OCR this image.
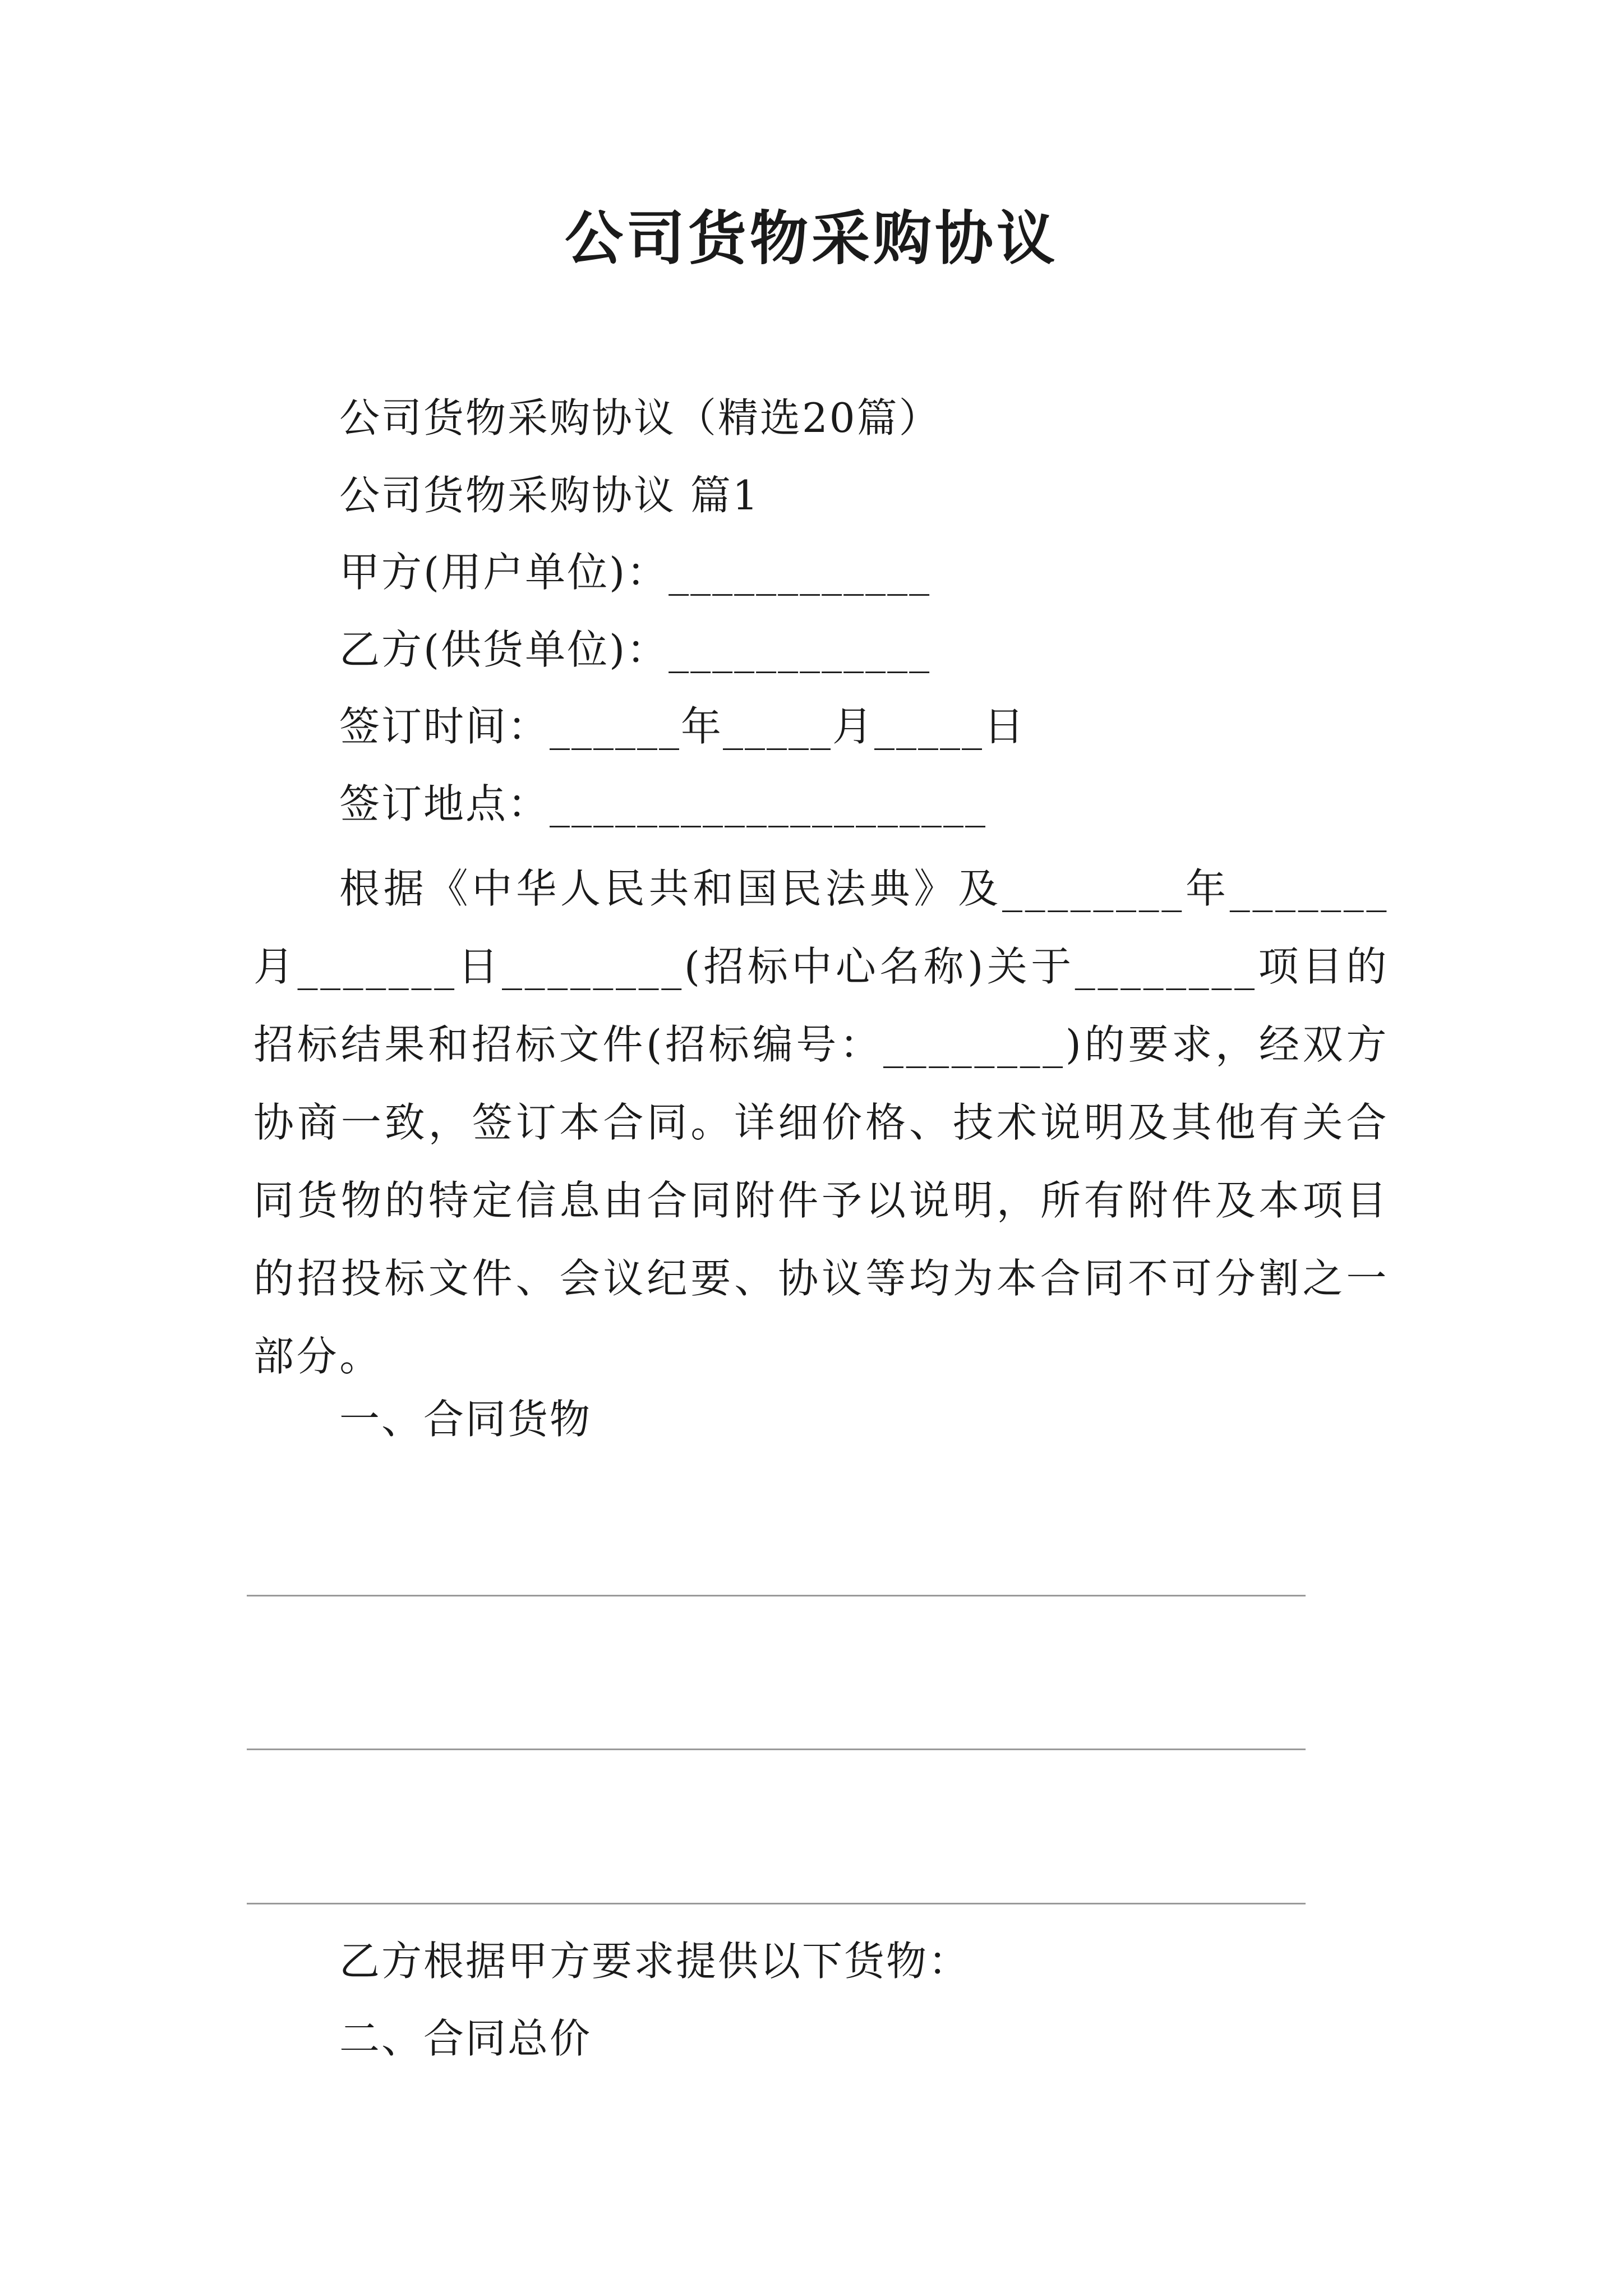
公司货物采购协议
公司货物采购协议（精选20篇）
公司货物采购协议 篇1
甲方(用户单位)：____________
乙方(供货单位)：____________
签订时间：______年_____月_____日
签订地点：____________________

根据《中华人民共和国民法典》及________年_______月_______日________(招标中心名称)关于________项目的招标结果和招标文件(招标编号：________)的要求，经双方协商一致，签订本合同。详细价格、技术说明及其他有关合同货物的特定信息由合同附件予以说明，所有附件及本项目的招投标文件、会议纪要、协议等均为本合同不可分割之一部分。

一、合同货物
乙方根据甲方要求提供以下货物：
二、合同总价
